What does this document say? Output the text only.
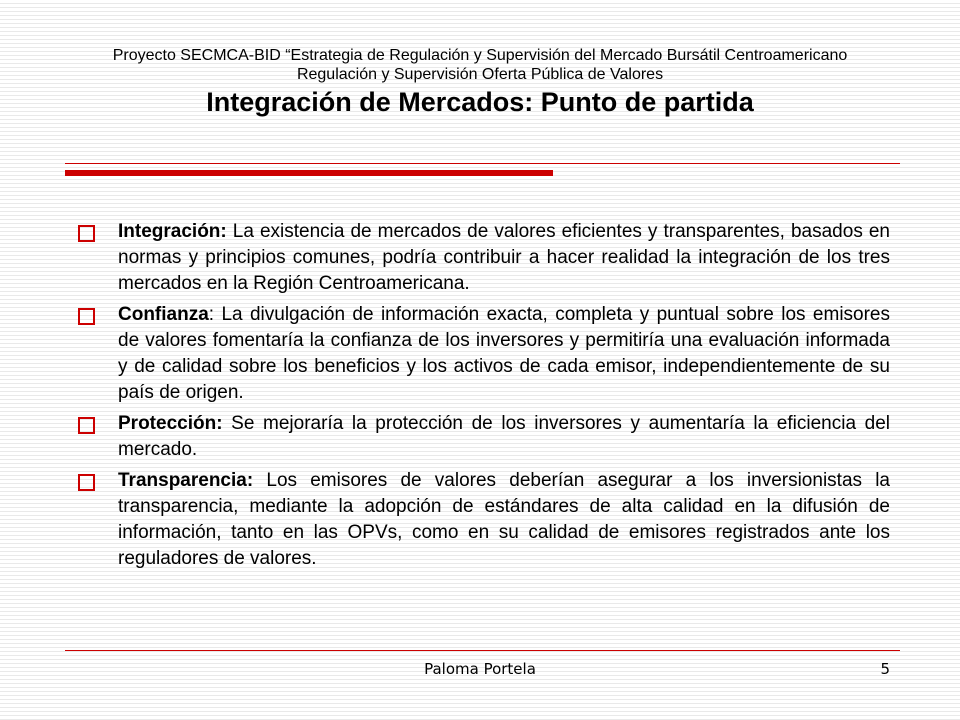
Proyecto SECMCA-BID “Estrategia de Regulación y Supervisión del Mercado Bursátil Centroamericano
Regulación y Supervisión Oferta Pública de Valores
Integración de Mercados: Punto de partida
Integración: La existencia de mercados de valores eficientes y transparentes, basados en normas y principios comunes, podría contribuir a hacer realidad la integración de los tres mercados en la Región Centroamericana.
Confianza: La divulgación de información exacta, completa y puntual sobre los emisores de valores fomentaría la confianza de los inversores y permitiría una evaluación informada y de calidad sobre los beneficios y los activos de cada emisor, independientemente de su país de origen.
Protección: Se mejoraría la protección de los inversores y aumentaría la eficiencia del mercado.
Transparencia: Los emisores de valores deberían asegurar a los inversionistas la transparencia, mediante la adopción de estándares de alta calidad en la difusión de información, tanto en las OPVs, como en su calidad de emisores registrados ante los reguladores de valores.
Paloma Portela	5
